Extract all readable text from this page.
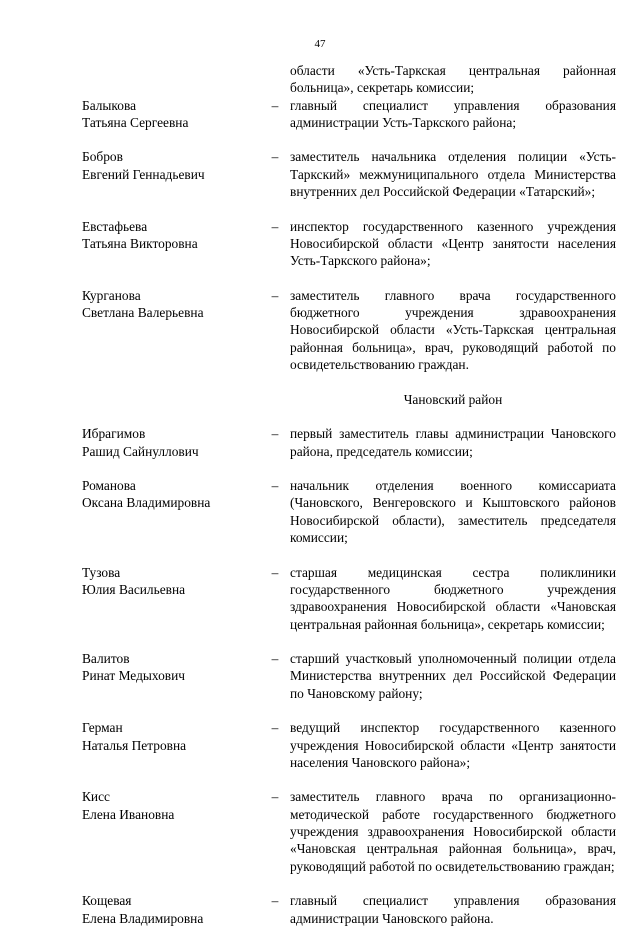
47
области «Усть-Таркская центральная районная больница», секретарь комиссии;
Балыкова
Татьяна Сергеевна
– главный специалист управления образования администрации Усть-Таркского района;
Бобров
Евгений Геннадьевич
– заместитель начальника отделения полиции «Усть-Таркский» межмуниципального отдела Министерства внутренних дел Российской Федерации «Татарский»;
Евстафьева
Татьяна Викторовна
– инспектор государственного казенного учреждения Новосибирской области «Центр занятости населения Усть-Таркского района»;
Курганова
Светлана Валерьевна
– заместитель главного врача государственного бюджетного учреждения здравоохранения Новосибирской области «Усть-Таркская центральная районная больница», врач, руководящий работой по освидетельствованию граждан.
Чановский район
Ибрагимов
Рашид Сайнуллович
– первый заместитель главы администрации Чановского района, председатель комиссии;
Романова
Оксана Владимировна
– начальник отделения военного комиссариата (Чановского, Венгеровского и Кыштовского районов Новосибирской области), заместитель председателя комиссии;
Тузова
Юлия Васильевна
– старшая медицинская сестра поликлиники государственного бюджетного учреждения здравоохранения Новосибирской области «Чановская центральная районная больница», секретарь комиссии;
Валитов
Ринат Медыхович
– старший участковый уполномоченный полиции отдела Министерства внутренних дел Российской Федерации по Чановскому району;
Герман
Наталья Петровна
– ведущий инспектор государственного казенного учреждения Новосибирской области «Центр занятости населения Чановского района»;
Кисс
Елена Ивановна
– заместитель главного врача по организационно-методической работе государственного бюджетного учреждения здравоохранения Новосибирской области «Чановская центральная районная больница», врач, руководящий работой по освидетельствованию граждан;
Кощевая
Елена Владимировна
– главный специалист управления образования администрации Чановского района.
